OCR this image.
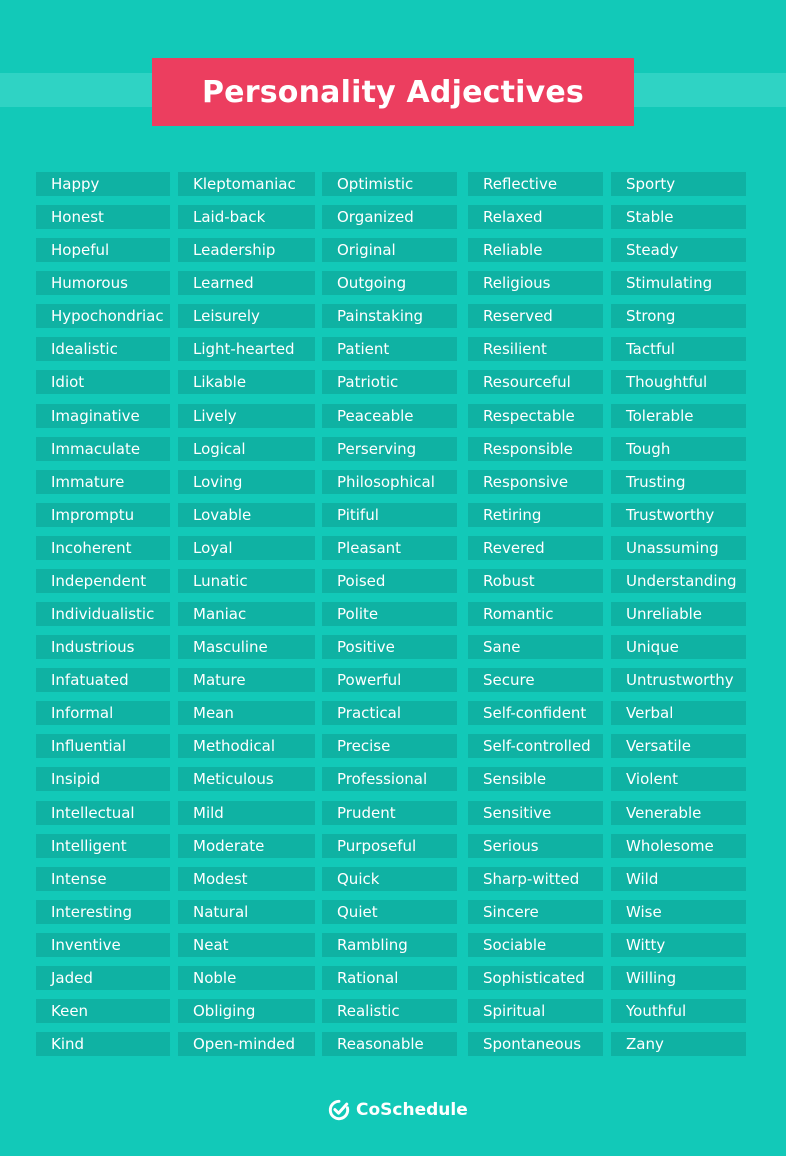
Personality Adjectives
Happy
Honest
Hopeful
Humorous
Hypochondriac
Idealistic
Idiot
Imaginative
Immaculate
Immature
Impromptu
Incoherent
Independent
Individualistic
Industrious
Infatuated
Informal
Influential
Insipid
Intellectual
Intelligent
Intense
Interesting
Inventive
Jaded
Keen
Kind
Kleptomaniac
Laid-back
Leadership
Learned
Leisurely
Light-hearted
Likable
Lively
Logical
Loving
Lovable
Loyal
Lunatic
Maniac
Masculine
Mature
Mean
Methodical
Meticulous
Mild
Moderate
Modest
Natural
Neat
Noble
Obliging
Open-minded
Optimistic
Organized
Original
Outgoing
Painstaking
Patient
Patriotic
Peaceable
Perserving
Philosophical
Pitiful
Pleasant
Poised
Polite
Positive
Powerful
Practical
Precise
Professional
Prudent
Purposeful
Quick
Quiet
Rambling
Rational
Realistic
Reasonable
Reflective
Relaxed
Reliable
Religious
Reserved
Resilient
Resourceful
Respectable
Responsible
Responsive
Retiring
Revered
Robust
Romantic
Sane
Secure
Self-confident
Self-controlled
Sensible
Sensitive
Serious
Sharp-witted
Sincere
Sociable
Sophisticated
Spiritual
Spontaneous
Sporty
Stable
Steady
Stimulating
Strong
Tactful
Thoughtful
Tolerable
Tough
Trusting
Trustworthy
Unassuming
Understanding
Unreliable
Unique
Untrustworthy
Verbal
Versatile
Violent
Venerable
Wholesome
Wild
Wise
Witty
Willing
Youthful
Zany
CoSchedule
